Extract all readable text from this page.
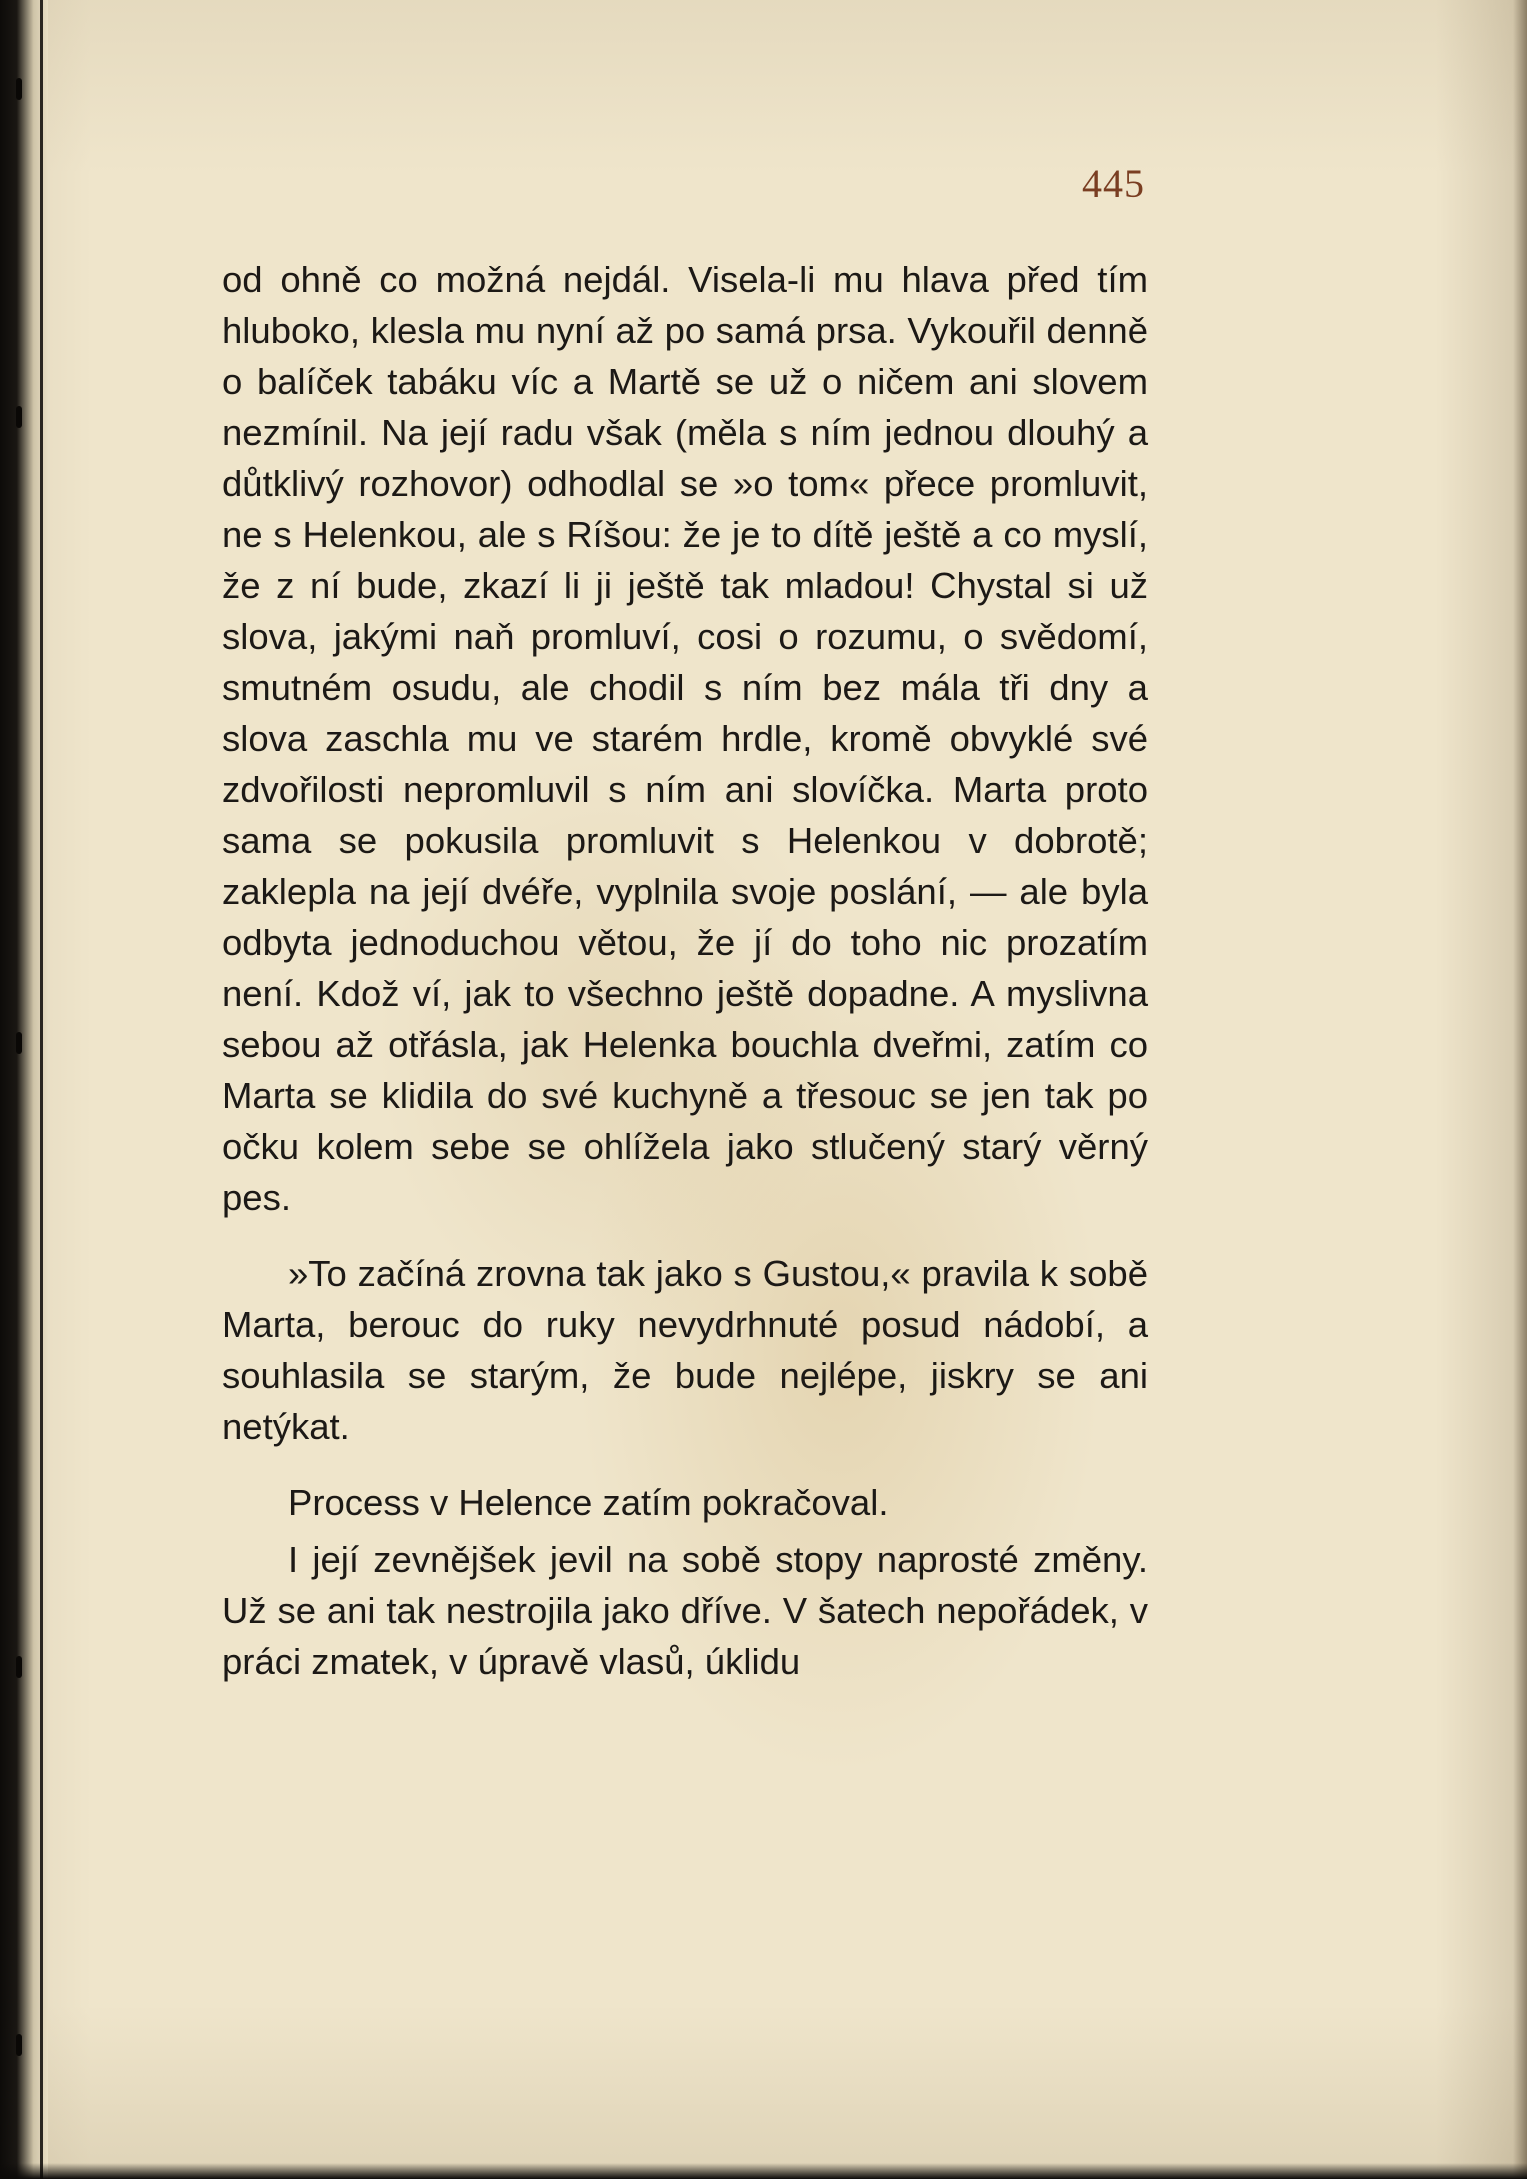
445

od ohně co možná nejdál. Visela-li mu hlava před tím hluboko, klesla mu nyní až po samá prsa. Vykouřil denně o balíček tabáku víc a Martě se už o ničem ani slovem nezmínil. Na její radu však (měla s ním jednou dlouhý a důtklivý rozhovor) odhodlal se »o tom« přece promluvit, ne s Helenkou, ale s Ríšou: že je to dítě ještě a co myslí, že z ní bude, zkazí li ji ještě tak mladou! Chystal si už slova, jakými naň promluví, cosi o rozumu, o svědomí, smutném osudu, ale chodil s ním bez mála tři dny a slova zaschla mu ve starém hrdle, kromě obvyklé své zdvořilosti nepromluvil s ním ani slovíčka. Marta proto sama se pokusila promluvit s Helenkou v dobrotě; zaklepla na její dvéře, vyplnila svoje poslání, — ale byla odbyta jednoduchou větou, že jí do toho nic prozatím není. Kdož ví, jak to všechno ještě dopadne. A myslivna sebou až otřásla, jak Helenka bouchla dveřmi, zatím co Marta se klidila do své kuchyně a třesouc se jen tak po očku kolem sebe se ohlížela jako stlučený starý věrný pes.

»To začíná zrovna tak jako s Gustou,« pravila k sobě Marta, berouc do ruky nevydrhnuté posud nádobí, a souhlasila se starým, že bude nejlépe, jiskry se ani netýkat.

Process v Helence zatím pokračoval.

I její zevnějšek jevil na sobě stopy naprosté změny. Už se ani tak nestrojila jako dříve. V šatech nepořádek, v práci zmatek, v úpravě vlasů, úklidu
